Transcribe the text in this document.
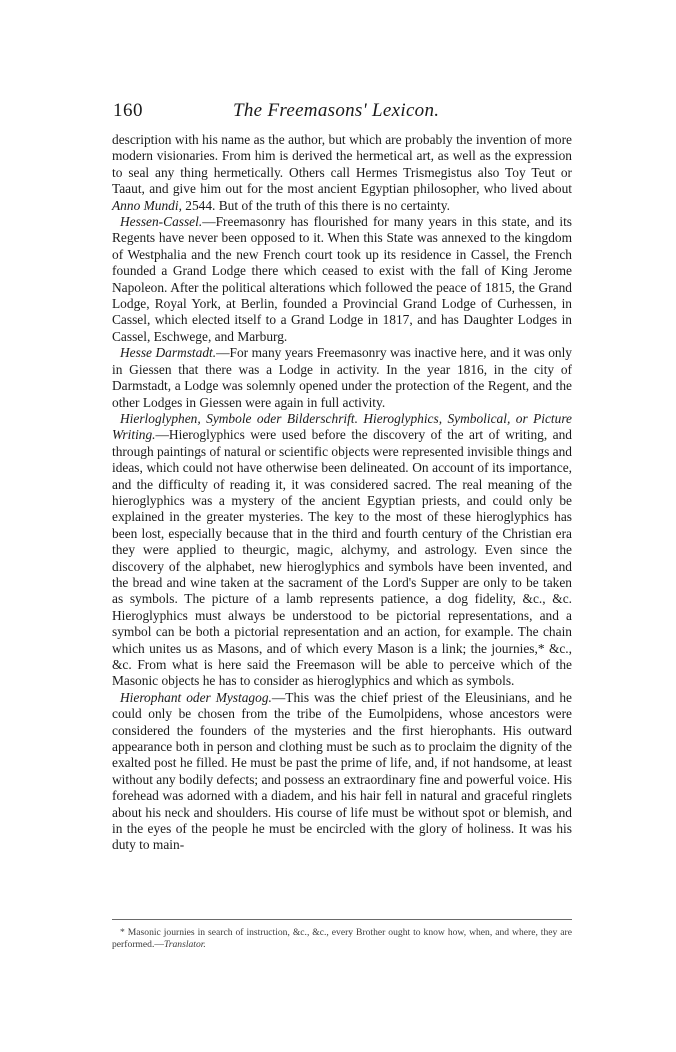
160	The Freemasons' Lexicon.

description with his name as the author, but which are probably the invention of more modern visionaries. From him is derived the hermetical art, as well as the expression to seal any thing hermetically. Others call Hermes Trismegistus also Toy Teut or Taaut, and give him out for the most ancient Egyptian philosopher, who lived about Anno Mundi, 2544. But of the truth of this there is no certainty.

Hessen-Cassel.—Freemasonry has flourished for many years in this state, and its Regents have never been opposed to it. When this State was annexed to the kingdom of Westphalia and the new French court took up its residence in Cassel, the French founded a Grand Lodge there which ceased to exist with the fall of King Jerome Napoleon. After the political alterations which followed the peace of 1815, the Grand Lodge, Royal York, at Berlin, founded a Provincial Grand Lodge of Curhessen, in Cassel, which elected itself to a Grand Lodge in 1817, and has Daughter Lodges in Cassel, Eschwege, and Marburg.

Hesse Darmstadt.—For many years Freemasonry was inactive here, and it was only in Giessen that there was a Lodge in activity. In the year 1816, in the city of Darmstadt, a Lodge was solemnly opened under the protection of the Regent, and the other Lodges in Giessen were again in full activity.

Hierloglyphen, Symbole oder Bilderschrift. Hieroglyphics, Symbolical, or Picture Writing.—Hieroglyphics were used before the discovery of the art of writing, and through paintings of natural or scientific objects were represented invisible things and ideas, which could not have otherwise been delineated. On account of its importance, and the difficulty of reading it, it was considered sacred. The real meaning of the hieroglyphics was a mystery of the ancient Egyptian priests, and could only be explained in the greater mysteries. The key to the most of these hieroglyphics has been lost, especially because that in the third and fourth century of the Christian era they were applied to theurgic, magic, alchymy, and astrology. Even since the discovery of the alphabet, new hieroglyphics and symbols have been invented, and the bread and wine taken at the sacrament of the Lord's Supper are only to be taken as symbols. The picture of a lamb represents patience, a dog fidelity, &c., &c. Hieroglyphics must always be understood to be pictorial representations, and a symbol can be both a pictorial representation and an action, for example. The chain which unites us as Masons, and of which every Mason is a link; the journies,* &c., &c. From what is here said the Freemason will be able to perceive which of the Masonic objects he has to consider as hieroglyphics and which as symbols.

Hierophant oder Mystagog.—This was the chief priest of the Eleusinians, and he could only be chosen from the tribe of the Eumolpidens, whose ancestors were considered the founders of the mysteries and the first hierophants. His outward appearance both in person and clothing must be such as to proclaim the dignity of the exalted post he filled. He must be past the prime of life, and, if not handsome, at least without any bodily defects; and possess an extraordinary fine and powerful voice. His forehead was adorned with a diadem, and his hair fell in natural and graceful ringlets about his neck and shoulders. His course of life must be without spot or blemish, and in the eyes of the people he must be encircled with the glory of holiness. It was his duty to main-

* Masonic journies in search of instruction, &c., &c., every Brother ought to know how, when, and where, they are performed.—Translator.
